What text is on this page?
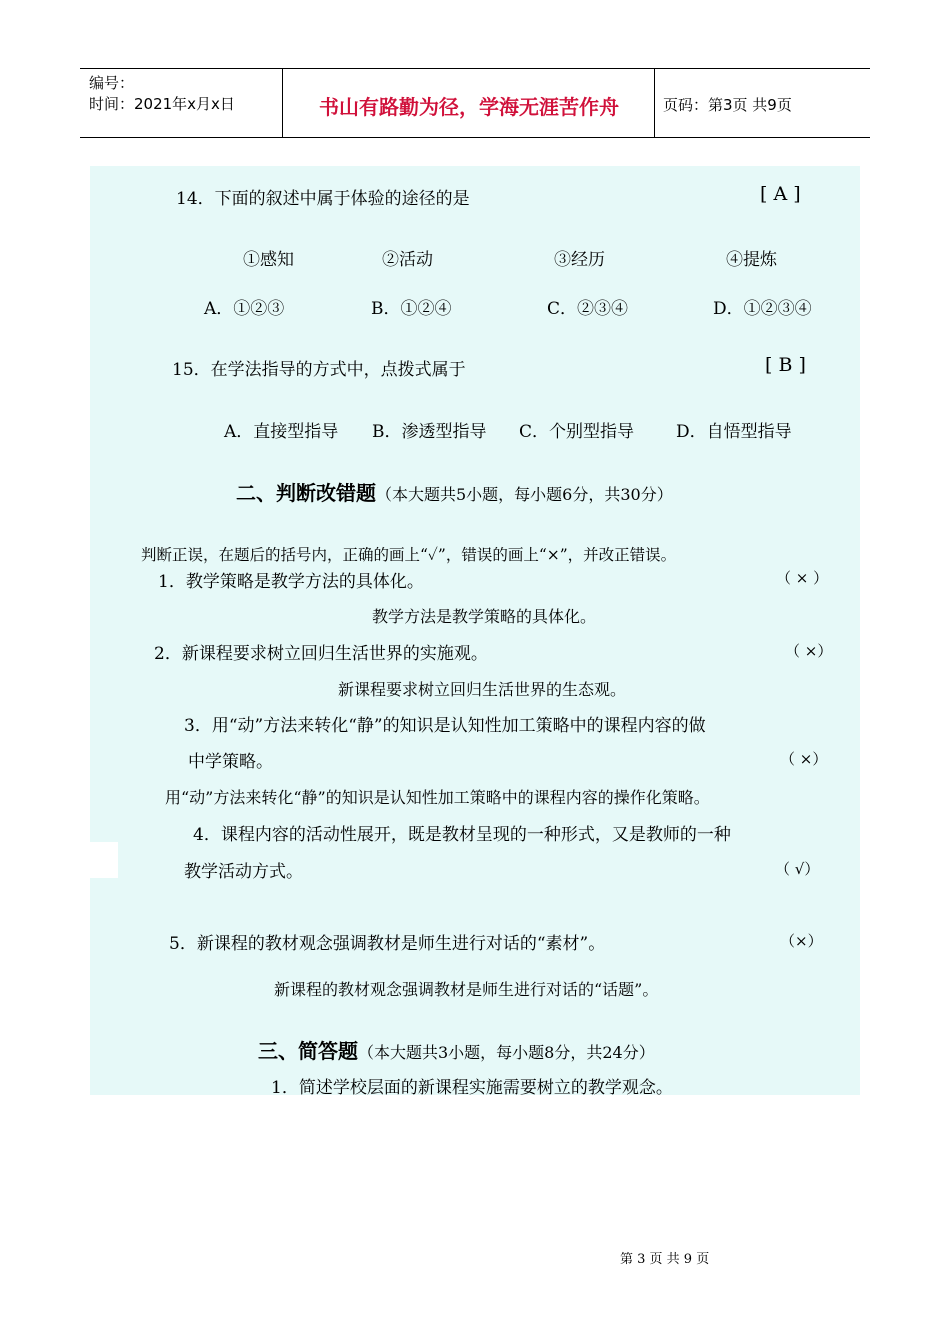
编号：
时间：2021年x月x日	书山有路勤为径，学海无涯苦作舟	页码：第3页 共9页
14．下面的叙述中属于体验的途径的是	[ A ]
①感知	②活动	③经历	④提炼
A．①②③	B．①②④	C．②③④	D．①②③④
15．在学法指导的方式中，点拨式属于	[ B ]
A．直接型指导 B．渗透型指导 C．个别型指导 D．自悟型指导
二、判断改错题（本大题共5小题，每小题6分，共30分）
判断正误，在题后的括号内，正确的画上“✓”，错误的画上“×”，并改正错误。
1．教学策略是教学方法的具体化。	（ × ）
教学方法是教学策略的具体化。
2．新课程要求树立回归生活世界的实施观。	（ ×）
新课程要求树立回归生活世界的生态观。
3．用“动”方法来转化“静”的知识是认知性加工策略中的课程内容的做
中学策略。	（ ×）
用“动”方法来转化“静”的知识是认知性加工策略中的课程内容的操作化策略。
4．课程内容的活动性展开，既是教材呈现的一种形式，又是教师的一种
教学活动方式。	（ √）
5．新课程的教材观念强调教材是师生进行对话的“素材”。	（×）
新课程的教材观念强调教材是师生进行对话的“话题”。
三、简答题（本大题共3小题，每小题8分，共24分）
1．简述学校层面的新课程实施需要树立的教学观念。
第 3 页 共 9 页
